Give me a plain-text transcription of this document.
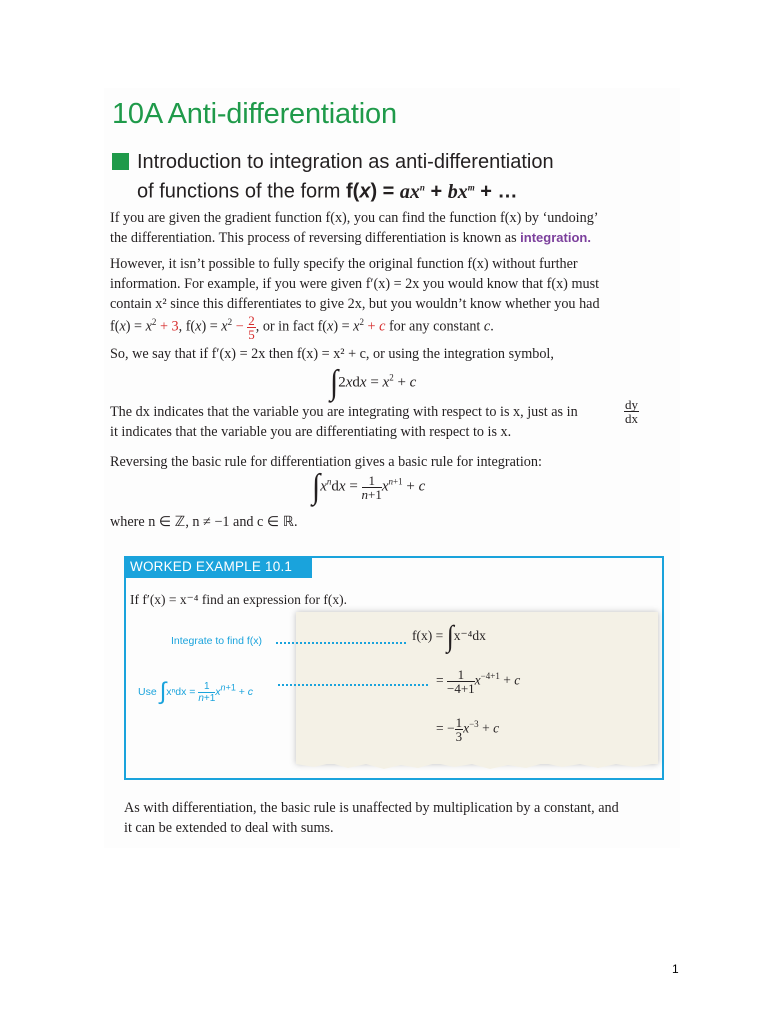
10A Anti-differentiation
Introduction to integration as anti-differentiation
of functions of the form $f(x) = ax^n + bx^m$ + …
If you are given the gradient function f(x), you can find the function f(x) by ‘undoing’
the differentiation. This process of reversing differentiation is known as integration.
However, it isn’t possible to fully specify the original function f(x) without further
information. For example, if you were given f′(x) = 2x you would know that f(x) must
contain x² since this differentiates to give 2x, but you wouldn’t know whether you had
$f(x) = x^2 + 3$, $f(x) = x^2 - \frac{2}{5}$ , or in fact $f(x) = x^2 + c$ for any constant c.
So, we say that if f′(x) = 2x then f(x) = x² + c, or using the integration symbol,
$\int 2xdx = x^2 + c$
The dx indicates that the variable you are integrating with respect to is x, just as in	$\frac{dy}{dx}$
it indicates that the variable you are differentiating with respect to is x.
Reversing the basic rule for differentiation gives a basic rule for integration:
$\int x^ndx = \frac{1}{n+1} x^{n+1} + c$
where n ∈ ℤ, n ≠ −1 and c ∈ ℝ.
WORKED EXAMPLE 10.1
If f′(x) = x⁻⁴ find an expression for f(x).
Integrate to find f(x)	f(x) = ∫x⁻⁴dx
Use $\int x^ndx = \frac{1}{n+1} x^{n+1} + c$
= $\frac{1}{-4+1} x^{-4+1} + c$
= − $\frac{1}{3} x^{-3} + c$
As with differentiation, the basic rule is unaffected by multiplication by a constant, and
it can be extended to deal with sums.
1
